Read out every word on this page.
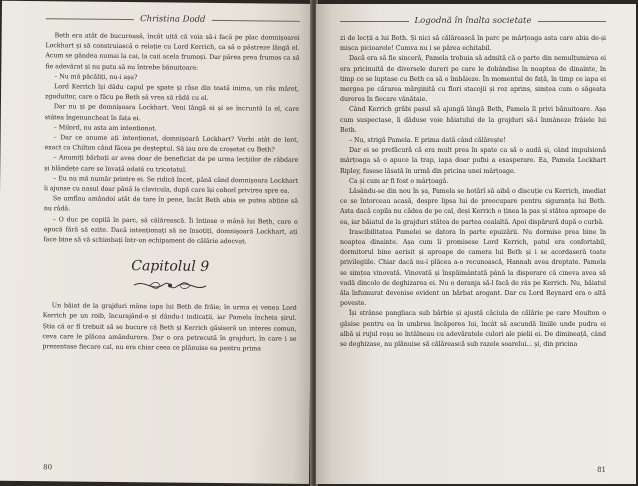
Christina Dodd

Beth era atât de bucuroasă, încât uită că voia să-i facă pe plac domnișoarei Lockhart și să construiască o relație cu Lord Kerrich, ca să o păstreze lângă el. Acum se gândea numai la cai, la caii acela frumoși. Dar părea prea frumos ca să fie adevărat și nu putu să nu întrebe bănuitoare:

– Nu mă păcăliți, nu-i așa?

Lord Kerrich își dădu capul pe spate și râse din toată inima, un râs mâreț, zguduitor, care o făcu pe Beth să vrea să râdă cu el.

Dar nu și pe domnișoara Lockhart. Veni lângă ei și se încruntă la el, care stătea îngenuncheat în fața ei.

– Milord, nu asta am intenționat.

– Dar ce anume ați intenționat, domnișoară Lockhart? Vorbi atât de lent, exact ca Chilton când făcea pe deșteptul. Să iau ore de croșetat cu Beth?

– Anumiți bărbați ar avea doar de beneficiat de pe urma lecțiilor de răbdare și blândețe care se învață odată cu tricotatul.

– Eu nu mă număr printre ei. Se ridică încet, până când domnișoara Lockhart îi ajunse cu nasul doar până la clavicula, după care își coborî privirea spre ea.

Se umflau amândoi atât de tare în pene, încât Beth abia se putea abține să nu râdă.

– O duc pe copilă în parc, să călărească. Îi întinse o mână lui Beth, care o apucă fără să ezite. Dacă intenționați să ne însoțiți, domnișoară Lockhart, ați face bine să vă schimbați într-un echipament de călărie adecvat.

Capitolul 9

Un băiat de la grajduri mâna iapa lui Beth de frâie; în urma ei venea Lord Kerrich pe un roib, încurajând-o și dându-i indicații, iar Pamela încheia șirul. Știa că ar fi trebuit să se bucure că Beth și Kerrich găsiseră un interes comun, ceva care le plăcea amândurora. Dar o ora petrecută în grajduri, în care i se prezentase fiecare cal, nu era chiar ceea ce plănuise ea pentru prima

80
Logodnă în înalta societate

zi de lecții a lui Beth. Și nici să călărească în parc pe mârțoaga asta care abia de-și mișca picioarele! Cumva nu i se părea echitabil.

Dacă era să fie sinceră, Pamela trebuia să admită că o parte din nemulțumirea ei era pricinuită de diversele dureri pe care le dobândise în noaptea de dinainte, în timp ce se luptase cu Beth ca să o îmbăieze. În momentul de față, în timp ce iapa ei mergea pe cărarea mărginită cu flori stacojii și roz aprins, simțea cum o săgeata durerea în fiecare vânătaie.

Când Kerrich grăbi pasul să ajungă lângă Beth, Pamela îl privi bănuitoare. Așa cum suspectase, îi dăduse voie băiatului de la grajduri să-i înmâneze frâiele lui Beth.

– Nu, strigă Pamela. E prima dată când călărește!

Dar ei se prefăcură că era mult prea în spate ca să o audă și, când impulsionă mârțoaga să o apuce la trap, iapa doar pufni a exasperare. Ea, Pamela Lockhart Ripley, fusese lăsată în urmă din pricina unei mârțoage.

Ca și cum ar fi fost o mârțoagă.

Lăsându-se din nou în șa, Pamela se hotărî să aibă o discuție cu Kerrich, imediat ce se întorceau acasă, despre lipsa lui de preocupare pentru siguranța lui Beth. Asta dacă copila nu cădea de pe cal, deși Kerrich o ținea la pas și stătea aproape de ea, iar băiatul de la grajduri stătea de partea cealaltă. Apoi dispărură după o curbă.

Irascibilitatea Pamelei se datora în parte epuizării. Nu dormise prea bine în noaptea dinainte. Așa cum îi promisese Lord Kerrich, patul era confortabil, dormitorul bine aerisit și aproape de camera lui Beth și i se acordaseră toate privilegiile. Chiar dacă nu-i plăcea a-o recunoască, Hannah avea dreptate. Pamela se simțea vinovată. Vinovată și înspăimântată până la disperare că cineva avea să vadă dincolo de deghizarea ei. Nu o deranja să-l facă de râs pe Kerrich. Nu, băiatul ăla înfumurat devenise evident un bărbat arogant. Dar cu Lord Reynard era o altă poveste.

Își strânse pangliaca sub bărbie și ajustă căciula de călărie pe care Moulton o găsise pentru ea în umbrea încăperea lui, încât să ascundă liniile unde pudra ei albă și rujul roșu se întâlneau cu adevăratele culori ale pielii ei. De dimineață, când se deghizase, nu plănuise să călărească sub razele soarelui... și, din pricina

81
